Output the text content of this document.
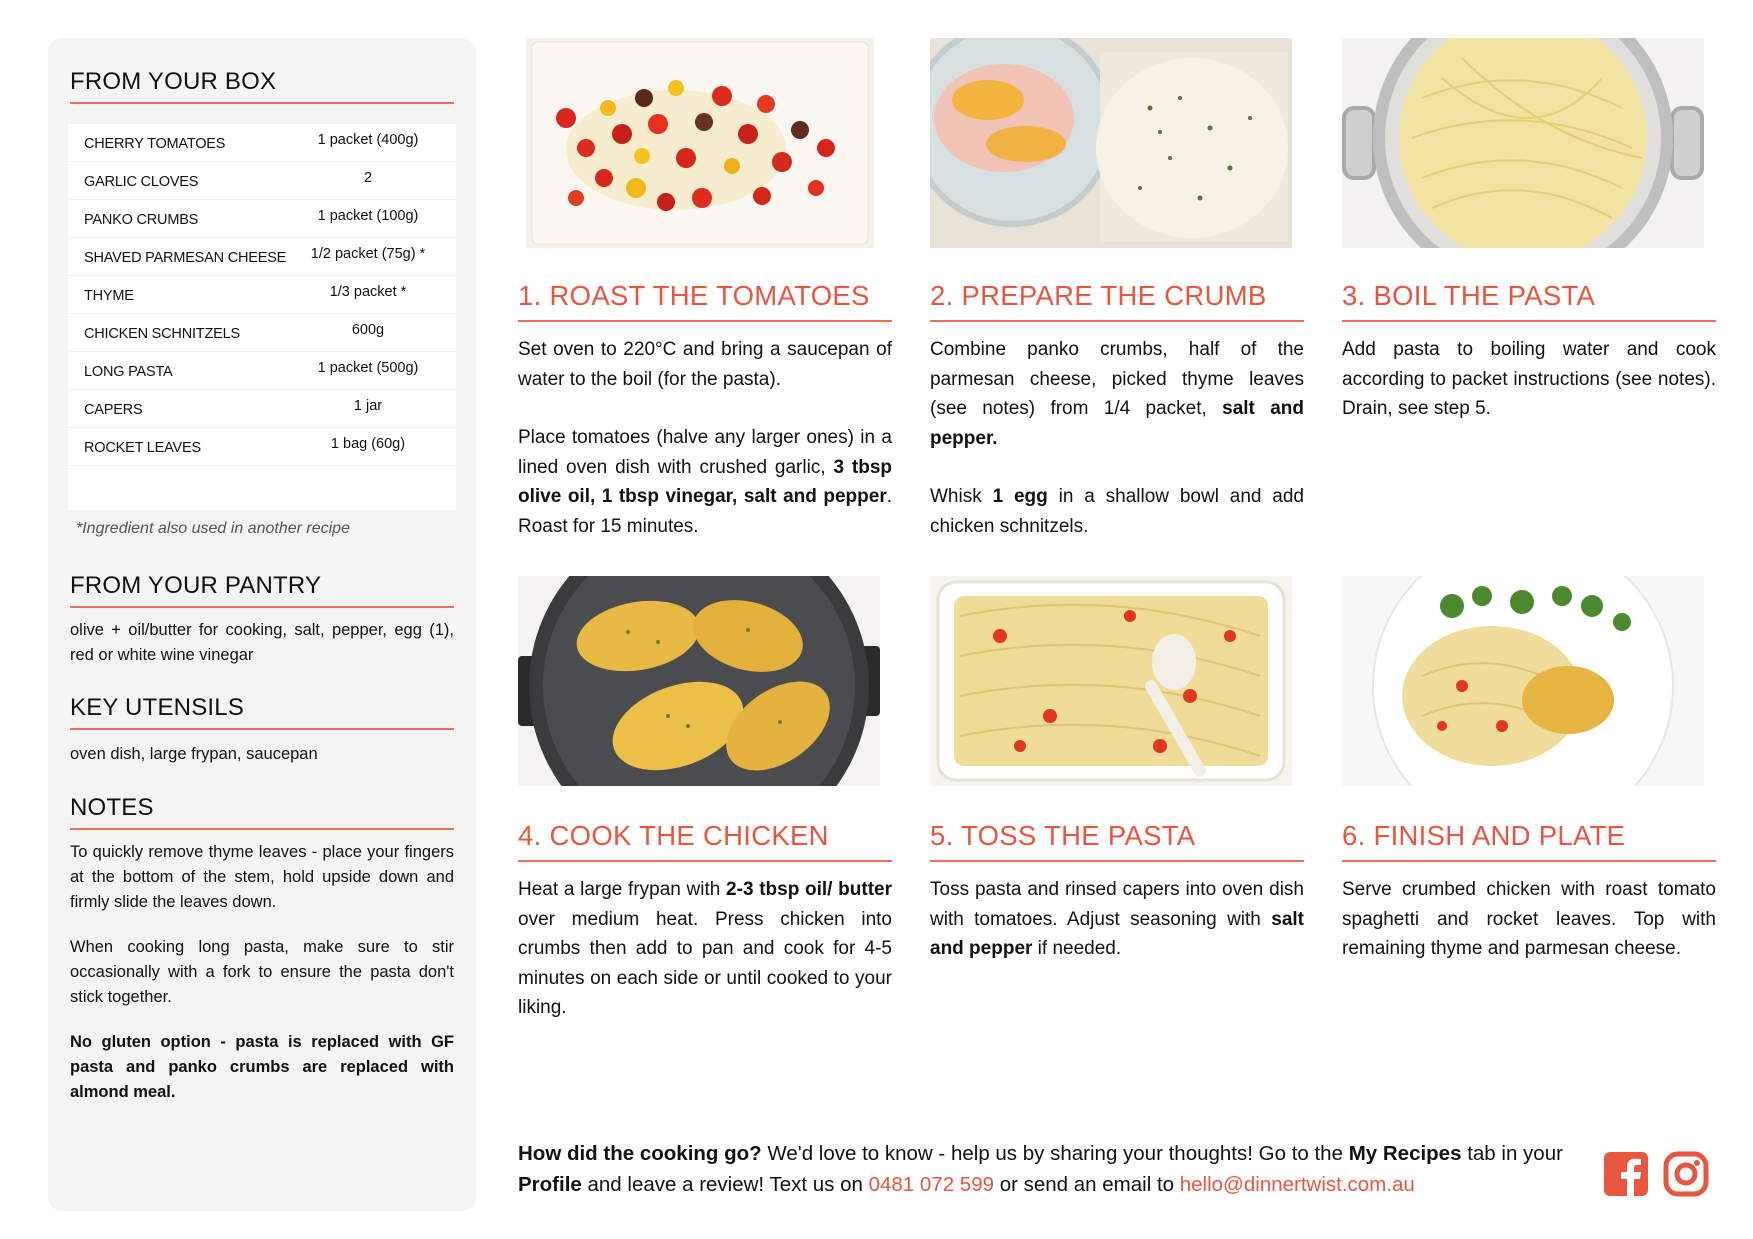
FROM YOUR BOX
CHERRY TOMATOES	1 packet (400g)
GARLIC CLOVES	2
PANKO CRUMBS	1 packet (100g)
SHAVED PARMESAN CHEESE	1/2 packet (75g) *
THYME	1/3 packet *
CHICKEN SCHNITZELS	600g
LONG PASTA	1 packet (500g)
CAPERS	1 jar
ROCKET LEAVES	1 bag (60g)
*Ingredient also used in another recipe
FROM YOUR PANTRY
olive + oil/butter for cooking, salt, pepper, egg (1), red or white wine vinegar
KEY UTENSILS
oven dish, large frypan, saucepan
NOTES

To quickly remove thyme leaves - place your fingers at the bottom of the stem, hold upside down and firmly slide the leaves down.

When cooking long pasta, make sure to stir occasionally with a fork to ensure the pasta don't stick together.

No gluten option - pasta is replaced with GF pasta and panko crumbs are replaced with almond meal.

1. ROAST THE TOMATOES
Set oven to 220°C and bring a saucepan of water to the boil (for the pasta).
Place tomatoes (halve any larger ones) in a lined oven dish with crushed garlic, 3 tbsp olive oil, 1 tbsp vinegar, salt and pepper. Roast for 15 minutes.
2. PREPARE THE CRUMB
Combine panko crumbs, half of the parmesan cheese, picked thyme leaves (see notes) from 1/4 packet, salt and pepper.
Whisk 1 egg in a shallow bowl and add chicken schnitzels.
3. BOIL THE PASTA
Add pasta to boiling water and cook according to packet instructions (see notes). Drain, see step 5.
4. COOK THE CHICKEN
Heat a large frypan with 2-3 tbsp oil/ butter over medium heat. Press chicken into crumbs then add to pan and cook for 4-5 minutes on each side or until cooked to your liking.
5. TOSS THE PASTA
Toss pasta and rinsed capers into oven dish with tomatoes. Adjust seasoning with salt and pepper if needed.
6. FINISH AND PLATE
Serve crumbed chicken with roast tomato spaghetti and rocket leaves. Top with remaining thyme and parmesan cheese.
How did the cooking go? We'd love to know - help us by sharing your thoughts! Go to the My Recipes tab in your Profile and leave a review! Text us on 0481 072 599 or send an email to hello@dinnertwist.com.au
